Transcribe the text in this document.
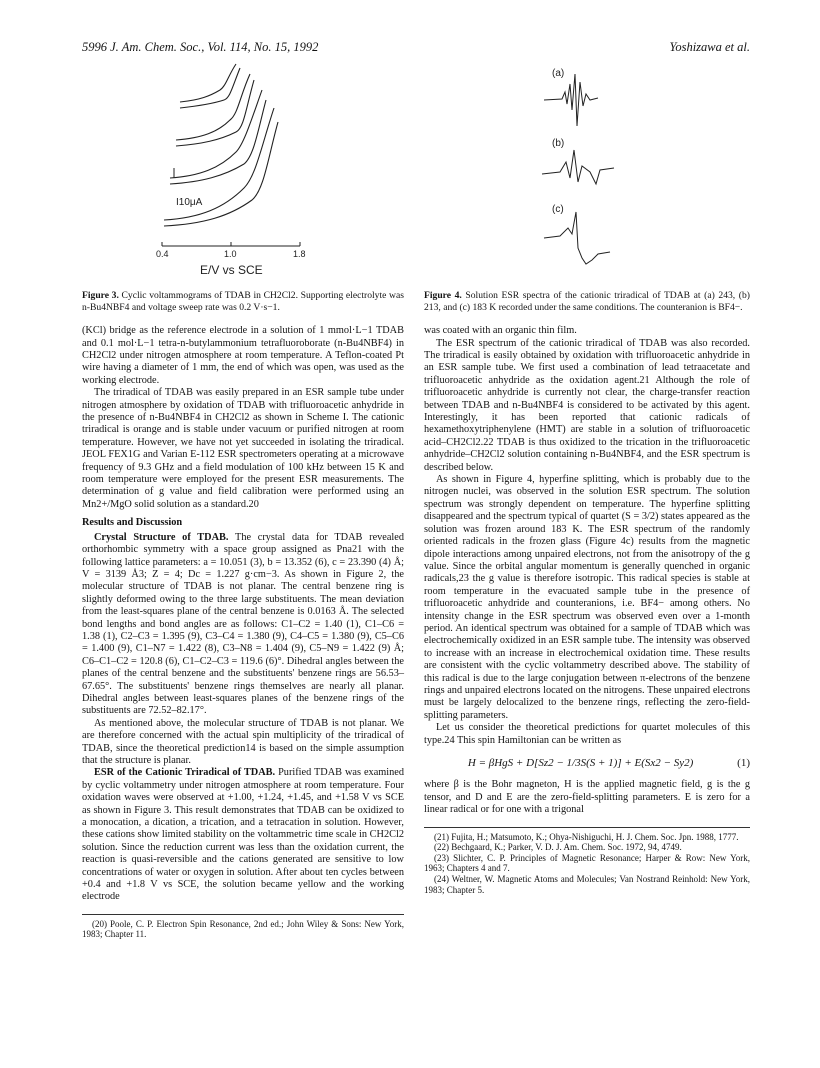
5996 J. Am. Chem. Soc., Vol. 114, No. 15, 1992	Yoshizawa et al.
I10μA
0.4	1.0	1.8
E/V vs SCE
(a)
(b)
(c)
Figure 3. Cyclic voltammograms of TDAB in CH2Cl2. Supporting electrolyte was n-Bu4NBF4 and voltage sweep rate was 0.2 V·s−1.

(KCl) bridge as the reference electrode in a solution of 1 mmol·L−1 TDAB and 0.1 mol·L−1 tetra-n-butylammonium tetrafluoroborate (n-Bu4NBF4) in CH2Cl2 under nitrogen atmosphere at room temperature. A Teflon-coated Pt wire having a diameter of 1 mm, the end of which was open, was used as the working electrode.

The triradical of TDAB was easily prepared in an ESR sample tube under nitrogen atmosphere by oxidation of TDAB with trifluoroacetic anhydride in the presence of n-Bu4NBF4 in CH2Cl2 as shown in Scheme I. The cationic triradical is orange and is stable under vacuum or purified nitrogen at room temperature. However, we have not yet succeeded in isolating the triradical. JEOL FEX1G and Varian E-112 ESR spectrometers operating at a microwave frequency of 9.3 GHz and a field modulation of 100 kHz between 15 K and room temperature were employed for the present ESR measurements. The determination of g value and field calibration were performed using an Mn2+/MgO solid solution as a standard.20

Results and Discussion

Crystal Structure of TDAB. The crystal data for TDAB revealed orthorhombic symmetry with a space group assigned as Pna21 with the following lattice parameters: a = 10.051 (3), b = 13.352 (6), c = 23.390 (4) Å; V = 3139 Å3; Z = 4; Dc = 1.227 g·cm−3. As shown in Figure 2, the molecular structure of TDAB is not planar. The central benzene ring is slightly deformed owing to the three large substituents. The mean deviation from the least-squares plane of the central benzene is 0.0163 Å. The selected bond lengths and bond angles are as follows: C1–C2 = 1.40 (1), C1–C6 = 1.38 (1), C2–C3 = 1.395 (9), C3–C4 = 1.380 (9), C4–C5 = 1.380 (9), C5–C6 = 1.400 (9), C1–N7 = 1.422 (8), C3–N8 = 1.404 (9), C5–N9 = 1.422 (9) Å; C6–C1–C2 = 120.8 (6), C1–C2–C3 = 119.6 (6)°. Dihedral angles between the planes of the central benzene and the substituents' benzene rings are 56.53–67.65°. The substituents' benzene rings themselves are nearly all planar. Dihedral angles between least-squares planes of the benzene rings of the substituents are 72.52–82.17°.

As mentioned above, the molecular structure of TDAB is not planar. We are therefore concerned with the actual spin multiplicity of the triradical of TDAB, since the theoretical prediction14 is based on the simple assumption that the structure is planar.

ESR of the Cationic Triradical of TDAB. Purified TDAB was examined by cyclic voltammetry under nitrogen atmosphere at room temperature. Four oxidation waves were observed at +1.00, +1.24, +1.45, and +1.58 V vs SCE as shown in Figure 3. This result demonstrates that TDAB can be oxidized to a monocation, a dication, a trication, and a tetracation in solution. However, these cations show limited stability on the voltammetric time scale in CH2Cl2 solution. Since the reduction current was less than the oxidation current, the reaction is quasi-reversible and the cations generated are sensitive to low concentrations of water or oxygen in solution. After about ten cycles between +0.4 and +1.8 V vs SCE, the solution became yellow and the working electrode

(20) Poole, C. P. Electron Spin Resonance, 2nd ed.; John Wiley & Sons: New York, 1983; Chapter 11.

Figure 4. Solution ESR spectra of the cationic triradical of TDAB at (a) 243, (b) 213, and (c) 183 K recorded under the same conditions. The counteranion is BF4−.

was coated with an organic thin film.

The ESR spectrum of the cationic triradical of TDAB was also recorded. The triradical is easily obtained by oxidation with trifluoroacetic anhydride in an ESR sample tube. We first used a combination of lead tetraacetate and trifluoroacetic anhydride as the oxidation agent.21 Although the role of trifluoroacetic anhydride is currently not clear, the charge-transfer reaction between TDAB and n-Bu4NBF4 is considered to be activated by this agent. Interestingly, it has been reported that cationic radicals of hexamethoxytriphenylene (HMT) are stable in a solution of trifluoroacetic acid–CH2Cl2.22 TDAB is thus oxidized to the trication in the trifluoroacetic anhydride–CH2Cl2 solution containing n-Bu4NBF4, and the ESR spectrum is described below.

As shown in Figure 4, hyperfine splitting, which is probably due to the nitrogen nuclei, was observed in the solution ESR spectrum. The solution spectrum was strongly dependent on temperature. The hyperfine splitting disappeared and the spectrum typical of quartet (S = 3/2) states appeared as the solution was frozen around 183 K. The ESR spectrum of the randomly oriented radicals in the frozen glass (Figure 4c) results from the magnetic dipole interactions among unpaired electrons, not from the anisotropy of the g value. Since the orbital angular momentum is generally quenched in organic radicals,23 the g value is therefore isotropic. This radical species is stable at room temperature in the evacuated sample tube in the presence of trifluoroacetic anhydride and counteranions, i.e. BF4− among others. No intensity change in the ESR spectrum was observed even over a 1-month period. An identical spectrum was obtained for a sample of TDAB which was electrochemically oxidized in an ESR sample tube. The intensity was observed to increase with an increase in electrochemical oxidation time. These results are consistent with the cyclic voltammetry described above. The stability of this radical is due to the large conjugation between π-electrons of the benzene rings and unpaired electrons located on the nitrogens. These unpaired electrons must be largely delocalized to the benzene rings, reflecting the zero-field-splitting parameters.

Let us consider the theoretical predictions for quartet molecules of this type.24 This spin Hamiltonian can be written as

H = βHgS + D[Sz2 − 1/3S(S + 1)] + E(Sx2 − Sy2)	(1)

where β is the Bohr magneton, H is the applied magnetic field, g is the g tensor, and D and E are the zero-field-splitting parameters. E is zero for a linear radical or for one with a trigonal

(21) Fujita, H.; Matsumoto, K.; Ohya-Nishiguchi, H. J. Chem. Soc. Jpn. 1988, 1777.

(22) Bechgaard, K.; Parker, V. D. J. Am. Chem. Soc. 1972, 94, 4749.

(23) Slichter, C. P. Principles of Magnetic Resonance; Harper & Row: New York, 1963; Chapters 4 and 7.

(24) Weltner, W. Magnetic Atoms and Molecules; Van Nostrand Reinhold: New York, 1983; Chapter 5.
